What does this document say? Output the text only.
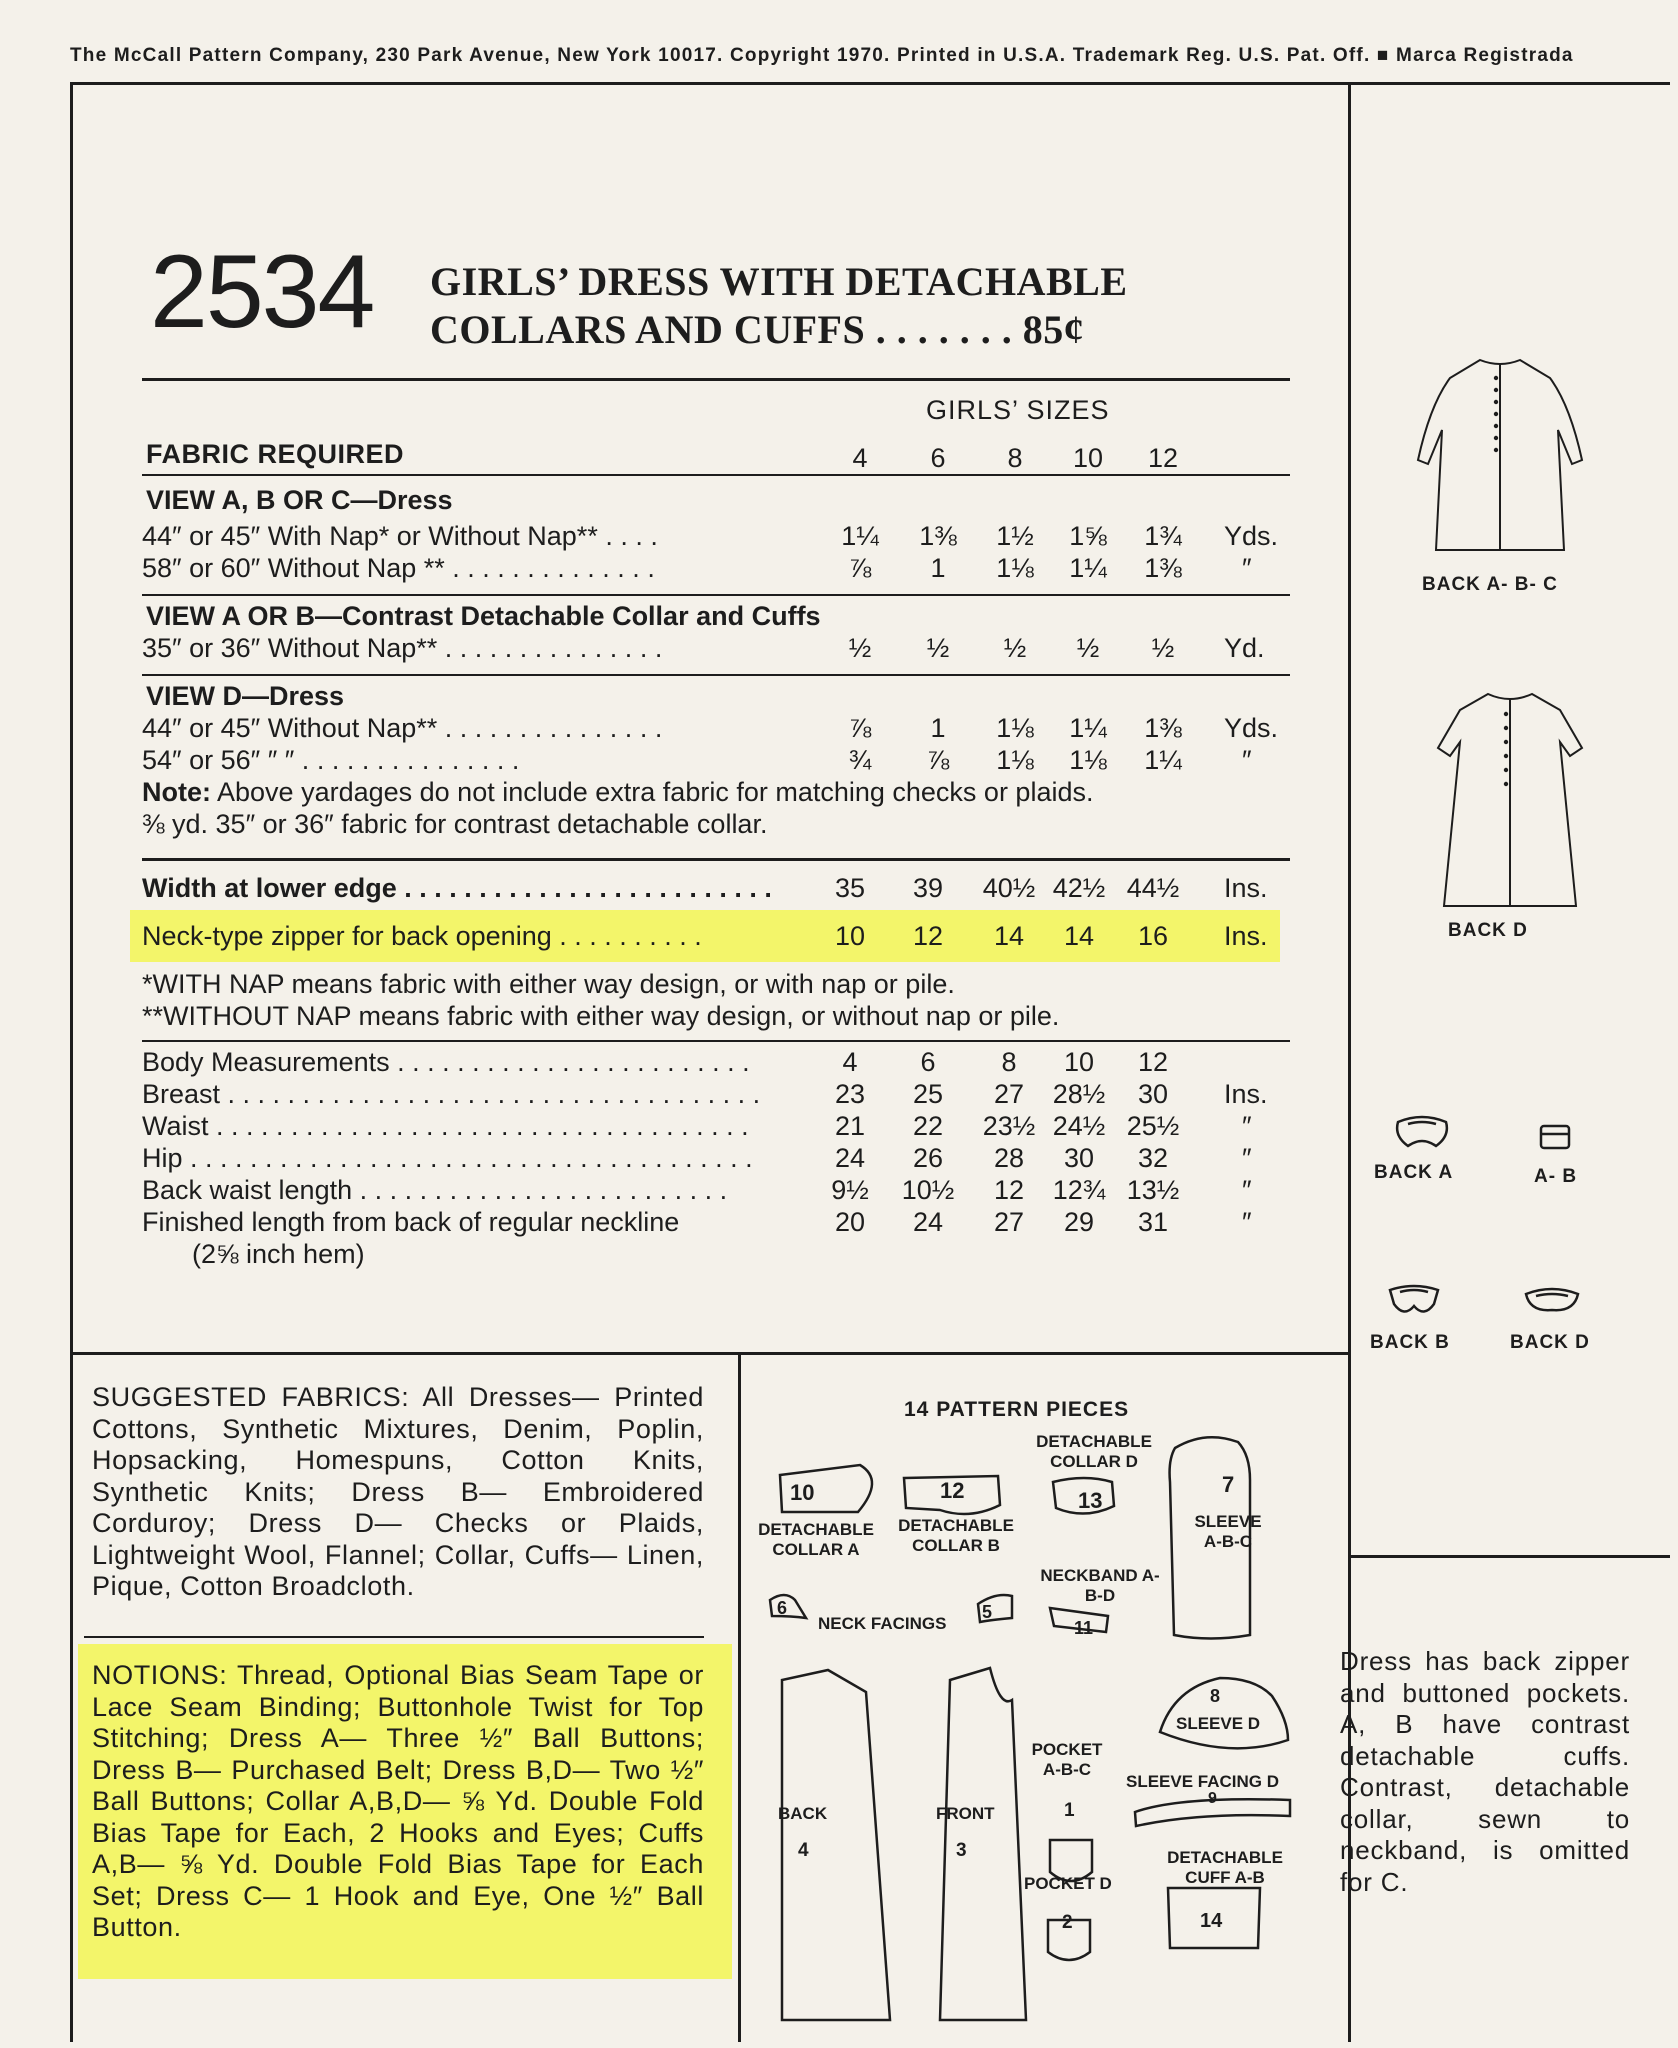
The McCall Pattern Company, 230 Park Avenue, New York 10017. Copyright 1970. Printed in U.S.A. Trademark Reg. U.S. Pat. Off. ■ Marca Registrada
2534 GIRLS’ DRESS WITH DETACHABLE
COLLARS AND CUFFS . . . . . . . 85¢
GIRLS’ SIZES
FABRIC REQUIRED	4	6	8	10	12
VIEW A, B OR C—Dress
44″ or 45″ With Nap* or Without Nap** . . . .	1¼	1⅜	1½	1⅝	1¾	Yds.
58″ or 60″ Without Nap ** . . . . . . . . . . . . . .	⅞	1	1⅛	1¼	1⅜	″
VIEW A OR B—Contrast Detachable Collar and Cuffs
35″ or 36″ Without Nap** . . . . . . . . . . . . . . .	½	½	½	½	½	Yd.
VIEW D—Dress
44″ or 45″ Without Nap** . . . . . . . . . . . . . . .	⅞	1	1⅛	1¼	1⅜	Yds.
54″ or 56″ ″ ″ . . . . . . . . . . . . . . .	¾	⅞	1⅛	1⅛	1¼	″
Note: Above yardages do not include extra fabric for matching checks or plaids.
⅜ yd. 35″ or 36″ fabric for contrast detachable collar.
Width at lower edge . . . . . . . . . . . . . . . . . . . . . . . . .	35	39	40½ 42½ 44½	Ins.
Neck-type zipper for back opening . . . . . . . . . .	10	12	14	14	16	Ins.
*WITH NAP means fabric with either way design, or with nap or pile.
**WITHOUT NAP means fabric with either way design, or without nap or pile.
Body Measurements . . . . . . . . . . . . . . . . . . . . . . . .	4	6	8	10	12
Breast . . . . . . . . . . . . . . . . . . . . . . . . . . . . . . . . . . . .	23	25	27	28½	30	Ins.
Waist . . . . . . . . . . . . . . . . . . . . . . . . . . . . . . . . . . . .	21	22	23½ 24½ 25½	″
Hip . . . . . . . . . . . . . . . . . . . . . . . . . . . . . . . . . . . . . .	24	26	28	30	32	″
Back waist length . . . . . . . . . . . . . . . . . . . . . . . . .	9½	10½	12	12¾ 13½	″
Finished length from back of regular neckline	20	24	27	29	31	″
(2⅝ inch hem)
SUGGESTED FABRICS: All Dresses— Printed Cottons, Synthetic Mixtures, Denim, Poplin, Hopsacking, Homespuns, Cotton Knits, Synthetic Knits; Dress B— Embroidered Corduroy; Dress D— Checks or Plaids, Lightweight Wool, Flannel; Collar, Cuffs— Linen, Pique, Cotton Broadcloth.
NOTIONS: Thread, Optional Bias Seam Tape or Lace Seam Binding; Buttonhole Twist for Top Stitching; Dress A— Three ½″ Ball Buttons; Dress B— Purchased Belt; Dress B,D— Two ½″ Ball Buttons; Collar A,B,D— ⅝ Yd. Double Fold Bias Tape for Each, 2 Hooks and Eyes; Cuffs A,B— ⅝ Yd. Double Fold Bias Tape for Each Set; Dress C— 1 Hook and Eye, One ½″ Ball Button.
14 PATTERN PIECES
10
DETACHABLE COLLAR A
12
DETACHABLE COLLAR B
DETACHABLE COLLAR D
13
7
SLEEVE A-B-C
6
NECK FACINGS
5
NECKBAND A-B-D
11
BACK
4
FRONT
3
POCKET A-B-C
1
POCKET D
2
8
SLEEVE D
SLEEVE FACING D
9
DETACHABLE CUFF A-B
14
BACK A- B- C
BACK D
BACK A	A- B
BACK B	BACK D
Dress has back zipper and buttoned pockets. A, B have contrast detachable cuffs. Contrast, detachable collar, sewn to neckband, is omitted for C.
